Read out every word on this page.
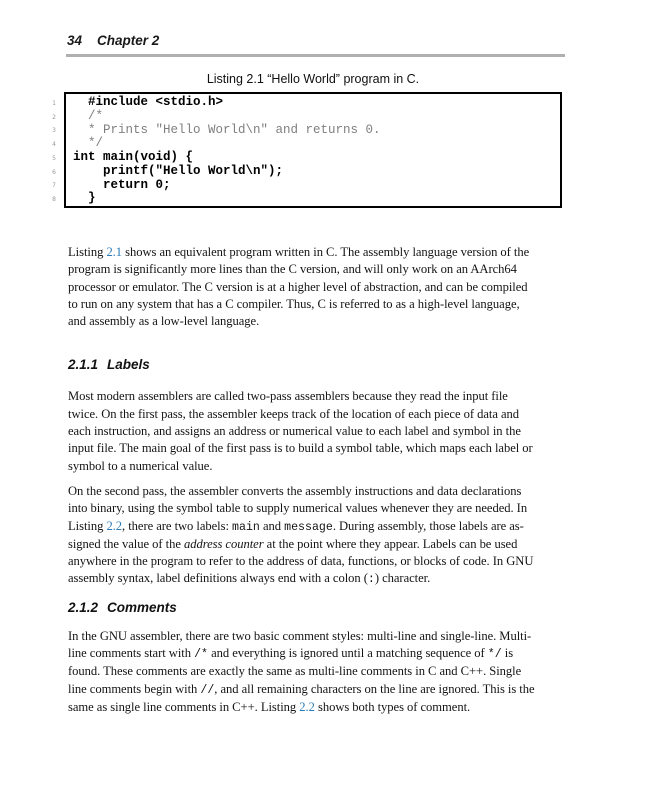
34 Chapter 2
Listing 2.1 “Hello World” program in C.
1
2
3
4
5
6
7
8
#include <stdio.h>
/*
* Prints "Hello World\n" and returns 0.
*/
int main(void) {
printf("Hello World\n");
return 0;
}

Listing 2.1 shows an equivalent program written in C. The assembly language version of the
program is significantly more lines than the C version, and will only work on an AArch64
processor or emulator. The C version is at a higher level of abstraction, and can be compiled
to run on any system that has a C compiler. Thus, C is referred to as a high-level language,
and assembly as a low-level language.

2.1.1 Labels

Most modern assemblers are called two-pass assemblers because they read the input file
twice. On the first pass, the assembler keeps track of the location of each piece of data and
each instruction, and assigns an address or numerical value to each label and symbol in the
input file. The main goal of the first pass is to build a symbol table, which maps each label or
symbol to a numerical value.

On the second pass, the assembler converts the assembly instructions and data declarations
into binary, using the symbol table to supply numerical values whenever they are needed. In
Listing 2.2, there are two labels: main and message. During assembly, those labels are as-
signed the value of the address counter at the point where they appear. Labels can be used
anywhere in the program to refer to the address of data, functions, or blocks of code. In GNU
assembly syntax, label definitions always end with a colon (:) character.

2.1.2 Comments

In the GNU assembler, there are two basic comment styles: multi-line and single-line. Multi-
line comments start with /* and everything is ignored until a matching sequence of */ is
found. These comments are exactly the same as multi-line comments in C and C++. Single
line comments begin with //, and all remaining characters on the line are ignored. This is the
same as single line comments in C++. Listing 2.2 shows both types of comment.
